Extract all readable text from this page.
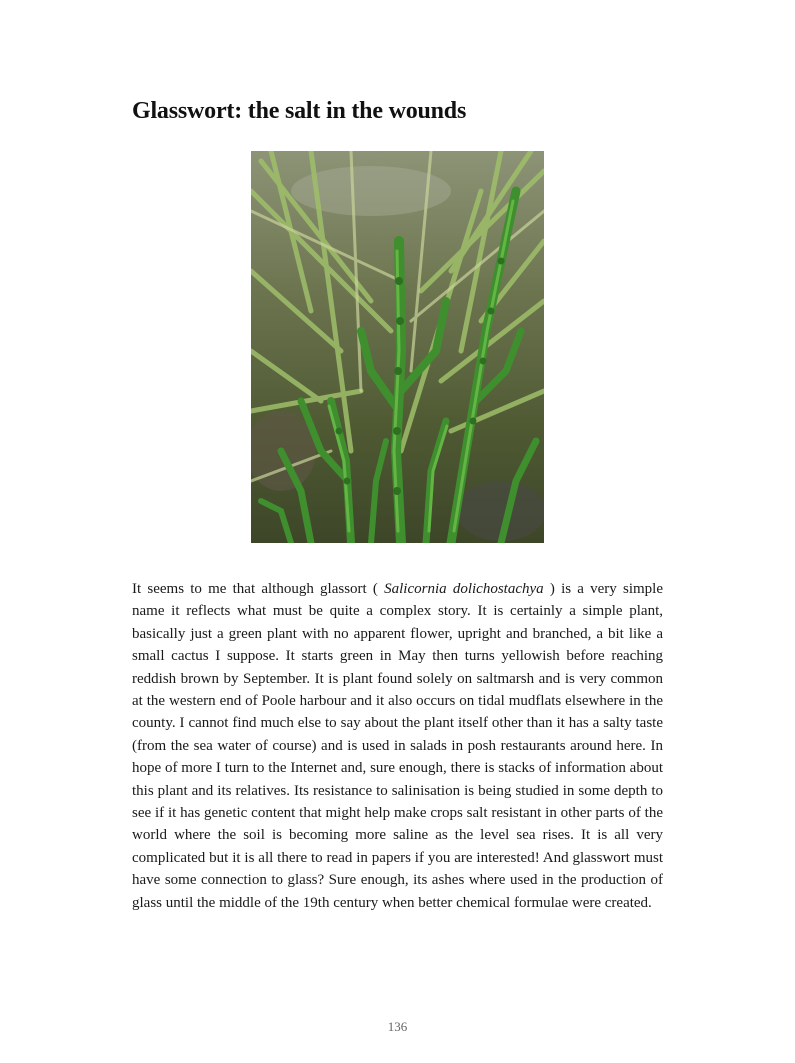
Glasswort: the salt in the wounds

It seems to me that although glassort ( Salicornia dolichostachya ) is a very simple name it reflects what must be quite a complex story. It is certainly a simple plant, basically just a green plant with no apparent flower, upright and branched, a bit like a small cactus I suppose. It starts green in May then turns yellowish before reaching reddish brown by September. It is plant found solely on saltmarsh and is very common at the western end of Poole harbour and it also occurs on tidal mudflats elsewhere in the county. I cannot find much else to say about the plant itself other than it has a salty taste (from the sea water of course) and is used in salads in posh restaurants around here. In hope of more I turn to the Internet and, sure enough, there is stacks of information about this plant and its relatives. Its resistance to salinisation is being studied in some depth to see if it has genetic content that might help make crops salt resistant in other parts of the world where the soil is becoming more saline as the level sea rises. It is all very complicated but it is all there to read in papers if you are interested! And glasswort must have some connection to glass? Sure enough, its ashes where used in the production of glass until the middle of the 19th century when better chemical formulae were created.

136
